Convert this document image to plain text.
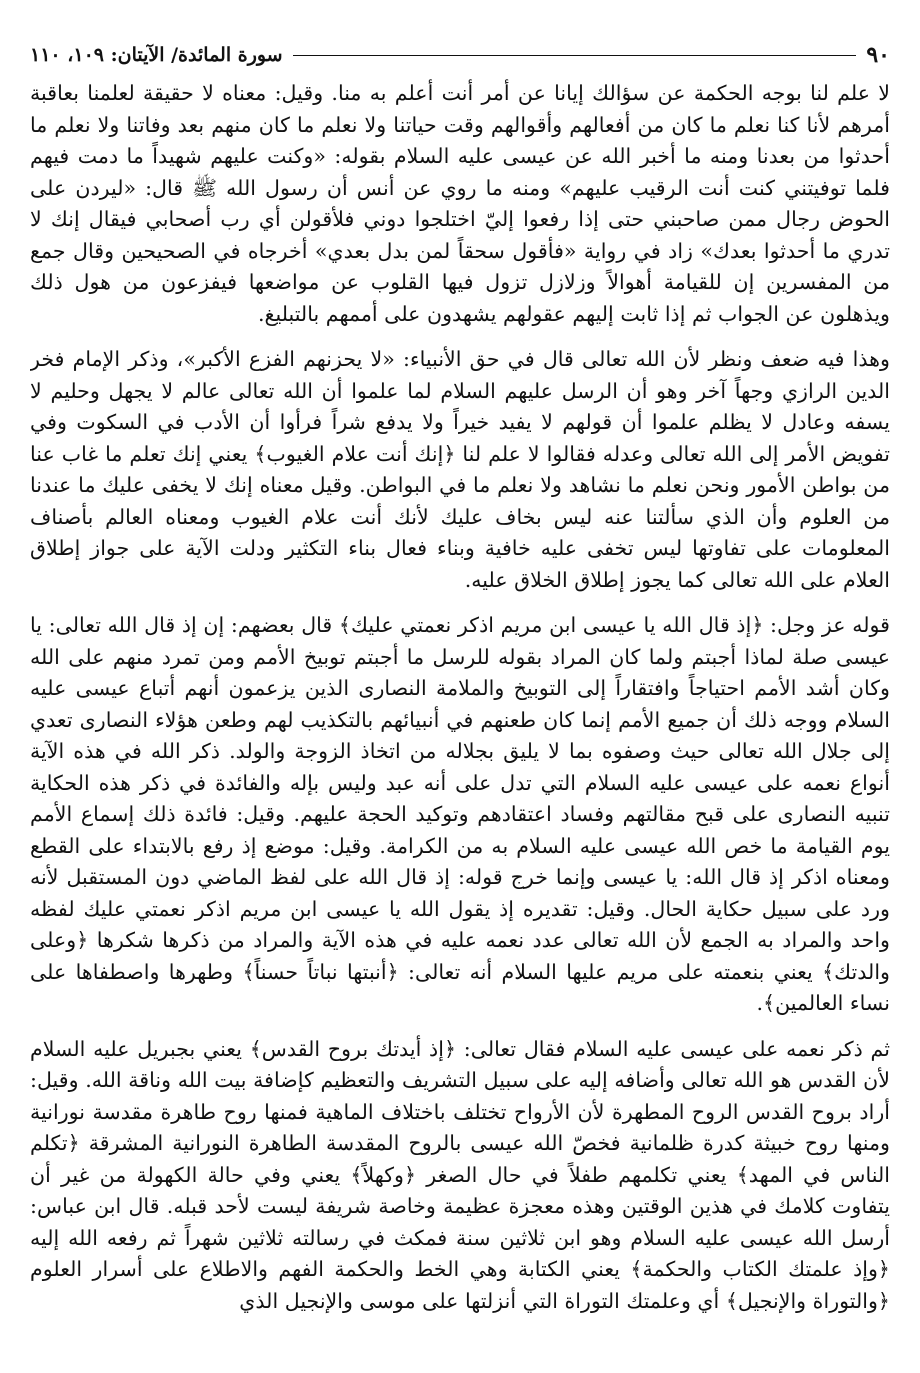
٩٠
سورة المائدة/ الآيتان: ١٠٩، ١١٠

لا علم لنا بوجه الحكمة عن سؤالك إيانا عن أمر أنت أعلم به منا. وقيل: معناه لا حقيقة لعلمنا بعاقبة أمرهم لأنا كنا نعلم ما كان من أفعالهم وأقوالهم وقت حياتنا ولا نعلم ما كان منهم بعد وفاتنا ولا نعلم ما أحدثوا من بعدنا ومنه ما أخبر الله عن عيسى عليه السلام بقوله: «وكنت عليهم شهيداً ما دمت فيهم فلما توفيتني كنت أنت الرقيب عليهم» ومنه ما روي عن أنس أن رسول الله ﷺ قال: «ليردن على الحوض رجال ممن صاحبني حتى إذا رفعوا إليّ اختلجوا دوني فلأقولن أي رب أصحابي فيقال إنك لا تدري ما أحدثوا بعدك» زاد في رواية «فأقول سحقاً لمن بدل بعدي» أخرجاه في الصحيحين وقال جمع من المفسرين إن للقيامة أهوالاً وزلازل تزول فيها القلوب عن مواضعها فيفزعون من هول ذلك ويذهلون عن الجواب ثم إذا ثابت إليهم عقولهم يشهدون على أممهم بالتبليغ.

وهذا فيه ضعف ونظر لأن الله تعالى قال في حق الأنبياء: «لا يحزنهم الفزع الأكبر»، وذكر الإمام فخر الدين الرازي وجهاً آخر وهو أن الرسل عليهم السلام لما علموا أن الله تعالى عالم لا يجهل وحليم لا يسفه وعادل لا يظلم علموا أن قولهم لا يفيد خيراً ولا يدفع شراً فرأوا أن الأدب في السكوت وفي تفويض الأمر إلى الله تعالى وعدله فقالوا لا علم لنا ﴿إنك أنت علام الغيوب﴾ يعني إنك تعلم ما غاب عنا من بواطن الأمور ونحن نعلم ما نشاهد ولا نعلم ما في البواطن. وقيل معناه إنك لا يخفى عليك ما عندنا من العلوم وأن الذي سألتنا عنه ليس بخاف عليك لأنك أنت علام الغيوب ومعناه العالم بأصناف المعلومات على تفاوتها ليس تخفى عليه خافية وبناء فعال بناء التكثير ودلت الآية على جواز إطلاق العلام على الله تعالى كما يجوز إطلاق الخلاق عليه.

قوله عز وجل: ﴿إذ قال الله يا عيسى ابن مريم اذكر نعمتي عليك﴾ قال بعضهم: إن إذ قال الله تعالى: يا عيسى صلة لماذا أجبتم ولما كان المراد بقوله للرسل ما أجبتم توبيخ الأمم ومن تمرد منهم على الله وكان أشد الأمم احتياجاً وافتقاراً إلى التوبيخ والملامة النصارى الذين يزعمون أنهم أتباع عيسى عليه السلام ووجه ذلك أن جميع الأمم إنما كان طعنهم في أنبيائهم بالتكذيب لهم وطعن هؤلاء النصارى تعدي إلى جلال الله تعالى حيث وصفوه بما لا يليق بجلاله من اتخاذ الزوجة والولد. ذكر الله في هذه الآية أنواع نعمه على عيسى عليه السلام التي تدل على أنه عبد وليس بإله والفائدة في ذكر هذه الحكاية تنبيه النصارى على قبح مقالتهم وفساد اعتقادهم وتوكيد الحجة عليهم. وقيل: فائدة ذلك إسماع الأمم يوم القيامة ما خص الله عيسى عليه السلام به من الكرامة. وقيل: موضع إذ رفع بالابتداء على القطع ومعناه اذكر إذ قال الله: يا عيسى وإنما خرج قوله: إذ قال الله على لفظ الماضي دون المستقبل لأنه ورد على سبيل حكاية الحال. وقيل: تقديره إذ يقول الله يا عيسى ابن مريم اذكر نعمتي عليك لفظه واحد والمراد به الجمع لأن الله تعالى عدد نعمه عليه في هذه الآية والمراد من ذكرها شكرها ﴿وعلى والدتك﴾ يعني بنعمته على مريم عليها السلام أنه تعالى: ﴿أنبتها نباتاً حسناً﴾ وطهرها واصطفاها على نساء العالمين﴾.

ثم ذكر نعمه على عيسى عليه السلام فقال تعالى: ﴿إذ أيدتك بروح القدس﴾ يعني بجبريل عليه السلام لأن القدس هو الله تعالى وأضافه إليه على سبيل التشريف والتعظيم كإضافة بيت الله وناقة الله. وقيل: أراد بروح القدس الروح المطهرة لأن الأرواح تختلف باختلاف الماهية فمنها روح طاهرة مقدسة نورانية ومنها روح خبيثة كدرة ظلمانية فخصّ الله عيسى بالروح المقدسة الطاهرة النورانية المشرقة ﴿تكلم الناس في المهد﴾ يعني تكلمهم طفلاً في حال الصغر ﴿وكهلاً﴾ يعني وفي حالة الكهولة من غير أن يتفاوت كلامك في هذين الوقتين وهذه معجزة عظيمة وخاصة شريفة ليست لأحد قبله. قال ابن عباس: أرسل الله عيسى عليه السلام وهو ابن ثلاثين سنة فمكث في رسالته ثلاثين شهراً ثم رفعه الله إليه ﴿وإذ علمتك الكتاب والحكمة﴾ يعني الكتابة وهي الخط والحكمة الفهم والاطلاع على أسرار العلوم ﴿والتوراة والإنجيل﴾ أي وعلمتك التوراة التي أنزلتها على موسى والإنجيل الذي
